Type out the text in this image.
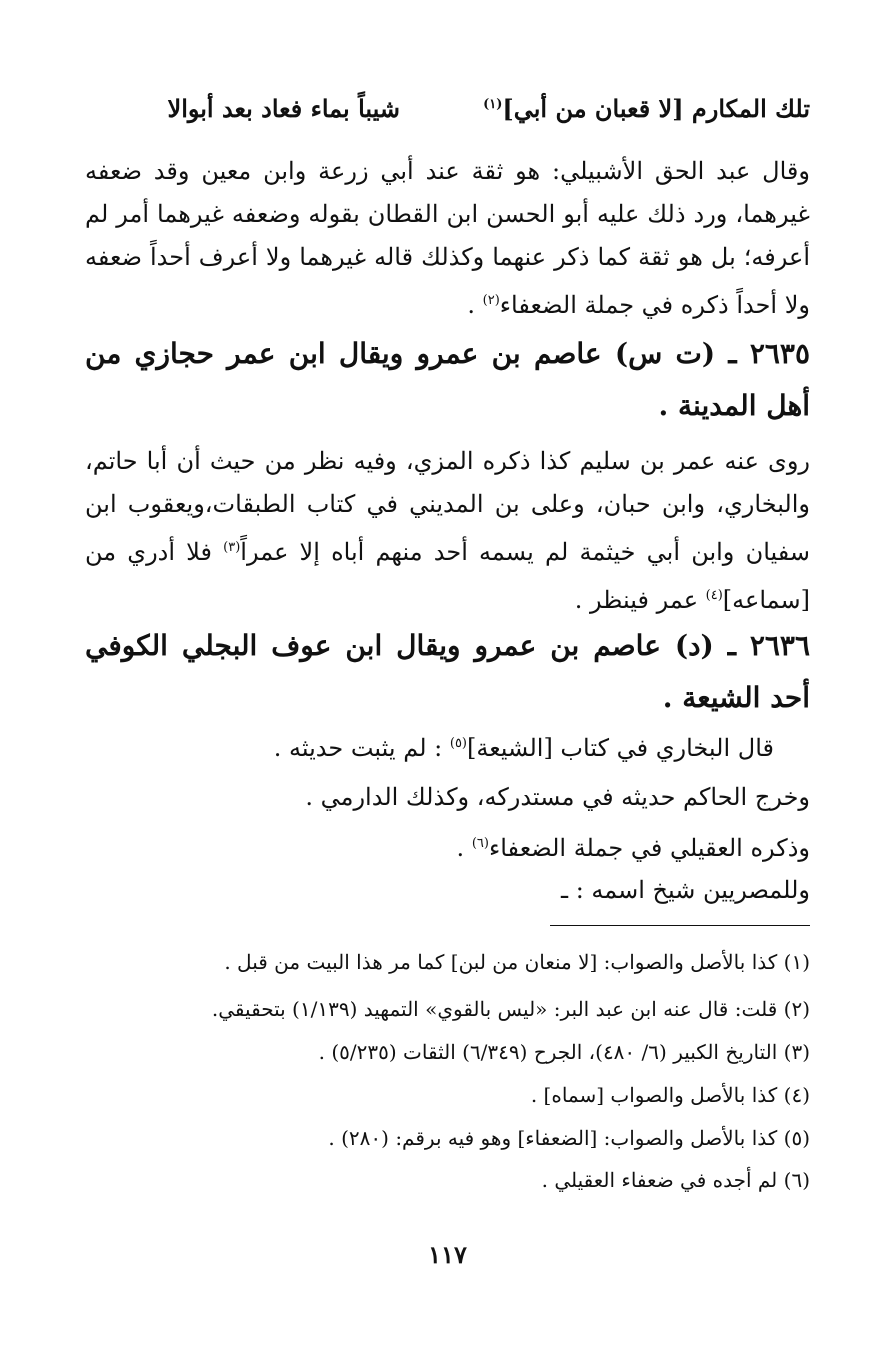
تلك المكارم [لا قعبان من أبي]$^{(١)}$
شيباً بماء فعاد بعد أبوالا
وقال عبد الحق الأشبيلي: هو ثقة عند أبي زرعة وابن معين وقد ضعفه غيرهما، ورد ذلك عليه أبو الحسن ابن القطان بقوله وضعفه غيرهما أمر لم أعرفه؛ بل هو ثقة كما ذكر عنهما وكذلك قاله غيرهما ولا أعرف أحداً ضعفه ولا أحداً ذكره في جملة الضعفاء$^{(٢)}$ .
٢٦٣٥ ـ (ت س) عاصم بن عمرو ويقال ابن عمر حجازي من أهل المدينة .
روى عنه عمر بن سليم كذا ذكره المزي، وفيه نظر من حيث أن أبا حاتم، والبخاري، وابن حبان، وعلى بن المديني في كتاب الطبقات،ويعقوب ابن سفيان وابن أبي خيثمة لم يسمه أحد منهم أباه إلا عمراً$^{(٣)}$ فلا أدري من [سماعه]$^{(٤)}$ عمر فينظر .
٢٦٣٦ ـ (د) عاصم بن عمرو ويقال ابن عوف البجلي الكوفي أحد الشيعة .
قال البخاري في كتاب [الشيعة]$^{(٥)}$ : لم يثبت حديثه .
وخرج الحاكم حديثه في مستدركه، وكذلك الدارمي .
وذكره العقيلي في جملة الضعفاء$^{(٦)}$ .
وللمصريين شيخ اسمه : ـ
(١) كذا بالأصل والصواب: [لا منعان من لبن] كما مر هذا البيت من قبل .
(٢) قلت: قال عنه ابن عبد البر: «ليس بالقوي» التمهيد (١/١٣٩) بتحقيقي.
(٣) التاريخ الكبير (٦/ ٤٨٠)، الجرح (٦/٣٤٩) الثقات (٥/٢٣٥) .
(٤) كذا بالأصل والصواب [سماه] .
(٥) كذا بالأصل والصواب: [الضعفاء] وهو فيه برقم: (٢٨٠) .
(٦) لم أجده في ضعفاء العقيلي .
١١٧
